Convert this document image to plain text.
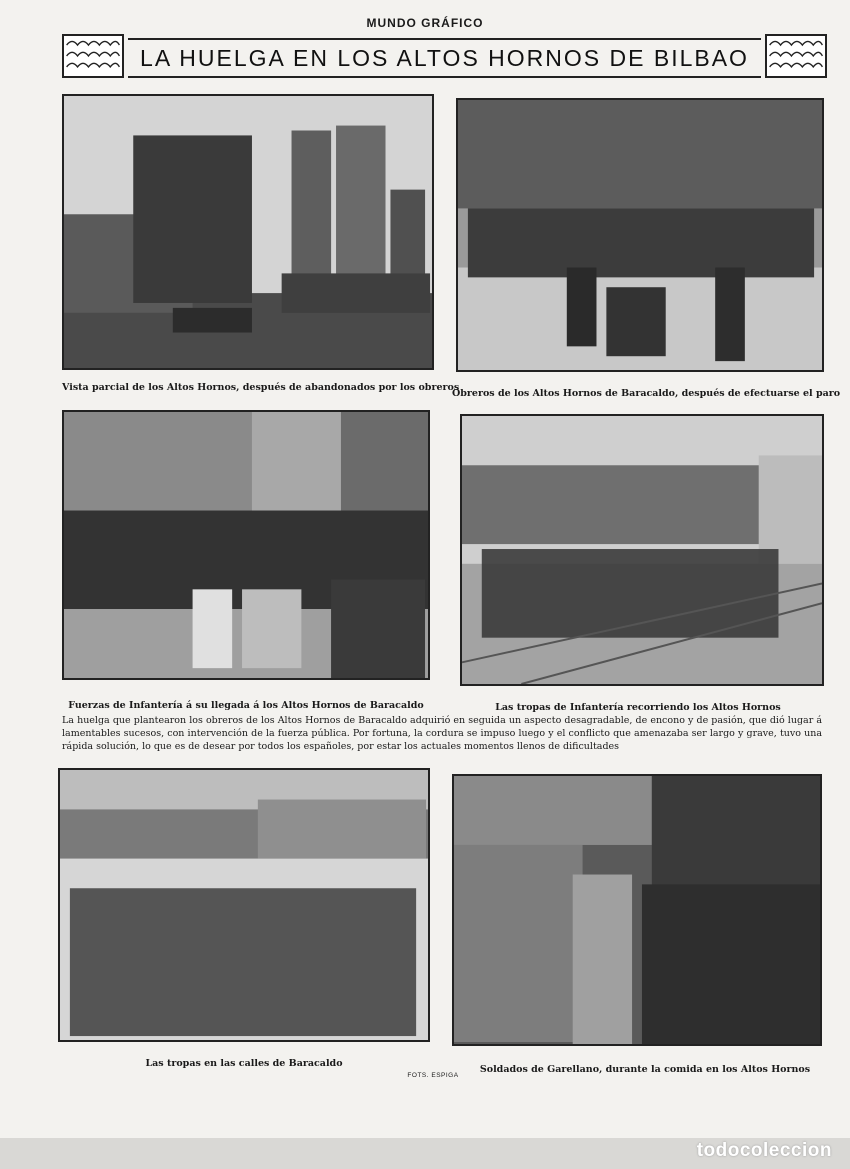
MUNDO GRÁFICO
LA HUELGA EN LOS ALTOS HORNOS DE BILBAO
Vista parcial de los Altos Hornos, después de abandonados por los obreros
Obreros de los Altos Hornos de Baracaldo, después de efectuarse el paro
Fuerzas de Infantería á su llegada á los Altos Hornos de Baracaldo	Las tropas de Infantería recorriendo los Altos Hornos
La huelga que plantearon los obreros de los Altos Hornos de Baracaldo adquirió en seguida un aspecto desagradable, de encono y de pasión, que dió lugar á lamentables sucesos, con intervención de la fuerza pública. Por fortuna, la cordura se impuso luego y el conflicto que amenazaba ser largo y grave, tuvo una rápida solución, lo que es de desear por todos los españoles, por estar los actuales momentos llenos de dificultades
Las tropas en las calles de Baracaldo
Soldados de Garellano, durante la comida en los Altos Hornos
FOTS. ESPIGA
todocoleccion
